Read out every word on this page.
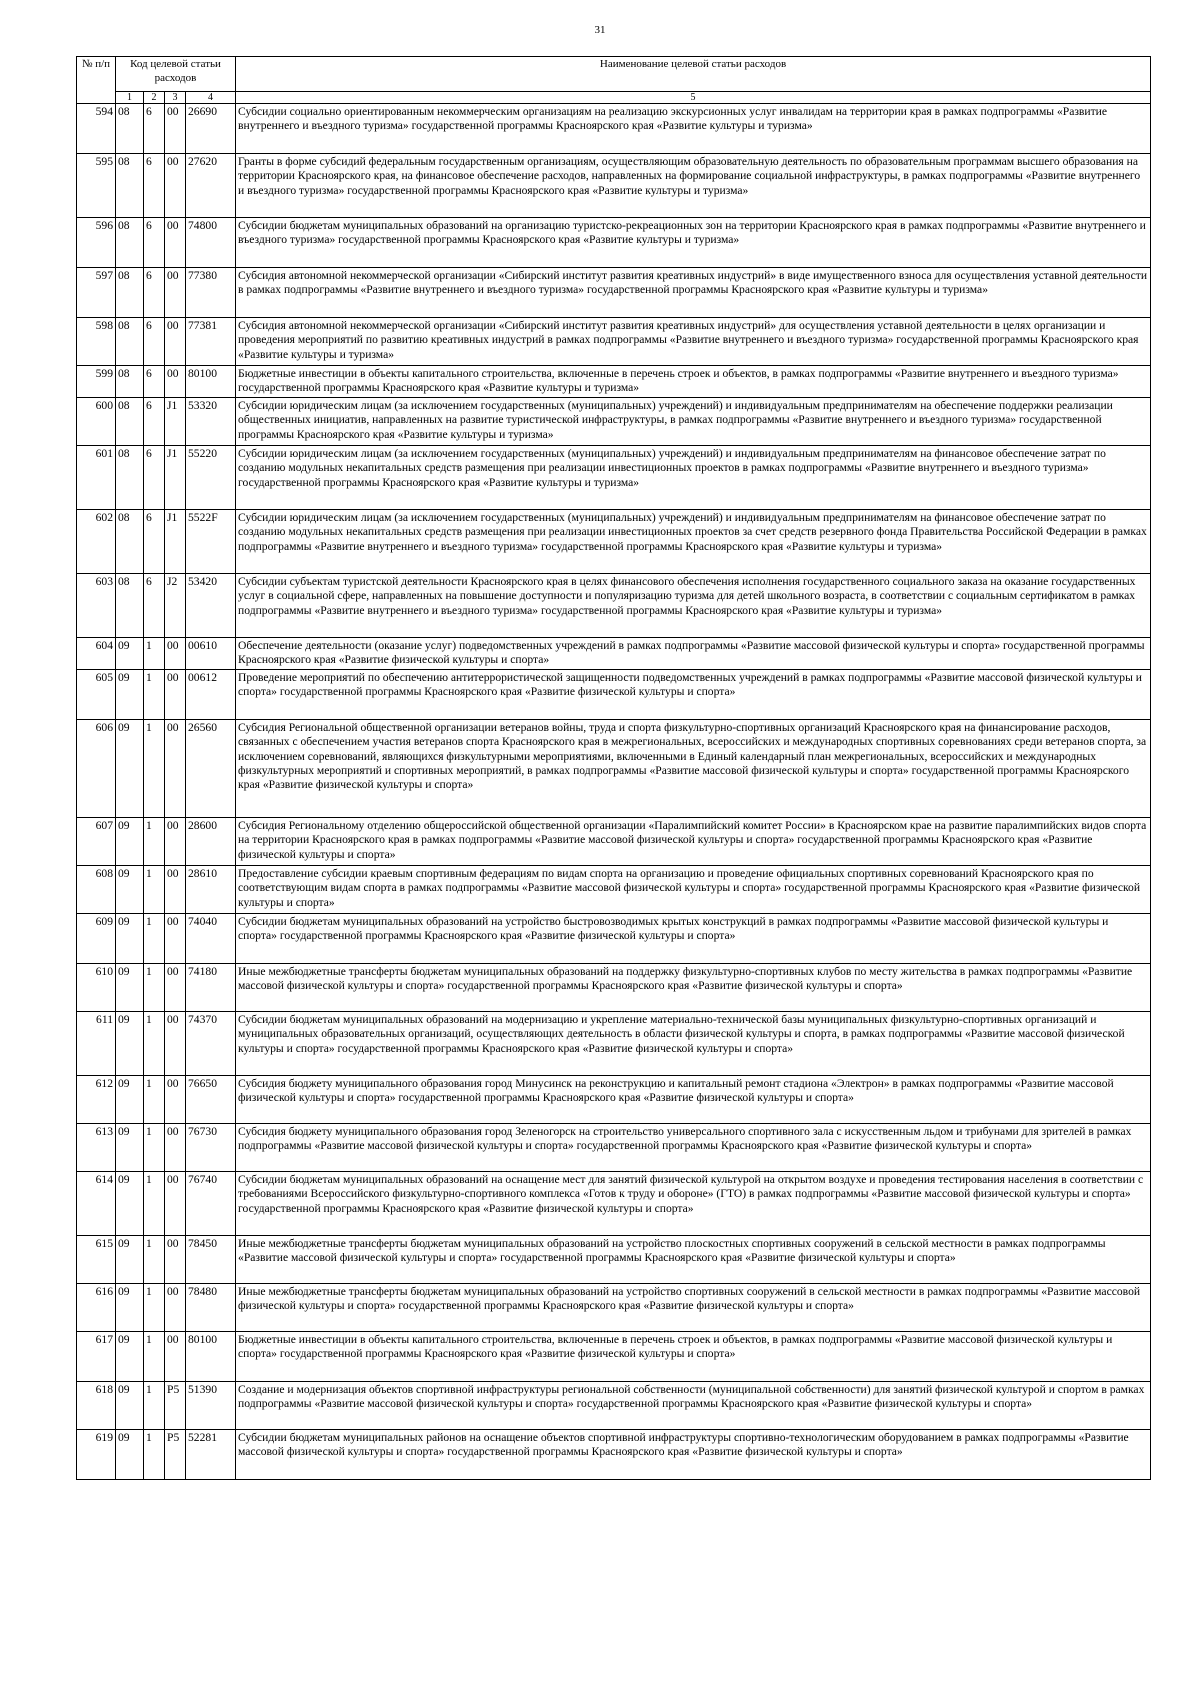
31
№ п/п	Код целевой статьи расходов				Наименование целевой статьи расходов
	1	2	3	4	5
594	08	6	00	26690	Субсидии социально ориентированным некоммерческим организациям на реализацию экскурсионных услуг инвалидам на территории края в рамках подпрограммы «Развитие внутреннего и въездного туризма» государственной программы Красноярского края «Развитие культуры и туризма»
595	08	6	00	27620	Гранты в форме субсидий федеральным государственным организациям, осуществляющим образовательную деятельность по образовательным программам высшего образования на территории Красноярского края, на финансовое обеспечение расходов, направленных на формирование социальной инфраструктуры, в рамках подпрограммы «Развитие внутреннего и въездного туризма» государственной программы Красноярского края «Развитие культуры и туризма»
596	08	6	00	74800	Субсидии бюджетам муниципальных образований на организацию туристско-рекреационных зон на территории Красноярского края в рамках подпрограммы «Развитие внутреннего и въездного туризма» государственной программы Красноярского края «Развитие культуры и туризма»
597	08	6	00	77380	Субсидия автономной некоммерческой организации «Сибирский институт развития креативных индустрий» в виде имущественного взноса для осуществления уставной деятельности в рамках подпрограммы «Развитие внутреннего и въездного туризма» государственной программы Красноярского края «Развитие культуры и туризма»
598	08	6	00	77381	Субсидия автономной некоммерческой организации «Сибирский институт развития креативных индустрий» для осуществления уставной деятельности в целях организации и проведения мероприятий по развитию креативных индустрий в рамках подпрограммы «Развитие внутреннего и въездного туризма» государственной программы Красноярского края «Развитие культуры и туризма»
599	08	6	00	80100	Бюджетные инвестиции в объекты капитального строительства, включенные в перечень строек и объектов, в рамках подпрограммы «Развитие внутреннего и въездного туризма» государственной программы Красноярского края «Развитие культуры и туризма»
600	08	6	J1	53320	Субсидии юридическим лицам (за исключением государственных (муниципальных) учреждений) и индивидуальным предпринимателям на обеспечение поддержки реализации общественных инициатив, направленных на развитие туристической инфраструктуры, в рамках подпрограммы «Развитие внутреннего и въездного туризма» государственной программы Красноярского края «Развитие культуры и туризма»
601	08	6	J1	55220	Субсидии юридическим лицам (за исключением государственных (муниципальных) учреждений) и индивидуальным предпринимателям на финансовое обеспечение затрат по созданию модульных некапитальных средств размещения при реализации инвестиционных проектов в рамках подпрограммы «Развитие внутреннего и въездного туризма» государственной программы Красноярского края «Развитие культуры и туризма»
602	08	6	J1	5522F	Субсидии юридическим лицам (за исключением государственных (муниципальных) учреждений) и индивидуальным предпринимателям на финансовое обеспечение затрат по созданию модульных некапитальных средств размещения при реализации инвестиционных проектов за счет средств резервного фонда Правительства Российской Федерации в рамках подпрограммы «Развитие внутреннего и въездного туризма» государственной программы Красноярского края «Развитие культуры и туризма»
603	08	6	J2	53420	Субсидии субъектам туристской деятельности Красноярского края в целях финансового обеспечения исполнения государственного социального заказа на оказание государственных услуг в социальной сфере, направленных на повышение доступности и популяризацию туризма для детей школьного возраста, в соответствии с социальным сертификатом в рамках подпрограммы «Развитие внутреннего и въездного туризма» государственной программы Красноярского края «Развитие культуры и туризма»
604	09	1	00	00610	Обеспечение деятельности (оказание услуг) подведомственных учреждений в рамках подпрограммы «Развитие массовой физической культуры и спорта» государственной программы Красноярского края «Развитие физической культуры и спорта»
605	09	1	00	00612	Проведение мероприятий по обеспечению антитеррористической защищенности подведомственных учреждений в рамках подпрограммы «Развитие массовой физической культуры и спорта» государственной программы Красноярского края «Развитие физической культуры и спорта»
606	09	1	00	26560	Субсидия Региональной общественной организации ветеранов войны, труда и спорта физкультурно-спортивных организаций Красноярского края на финансирование расходов, связанных с обеспечением участия ветеранов спорта Красноярского края в межрегиональных, всероссийских и международных спортивных соревнованиях среди ветеранов спорта, за исключением соревнований, являющихся физкультурными мероприятиями, включенными в Единый календарный план межрегиональных, всероссийских и международных физкультурных мероприятий и спортивных мероприятий, в рамках подпрограммы «Развитие массовой физической культуры и спорта» государственной программы Красноярского края «Развитие физической культуры и спорта»
607	09	1	00	28600	Субсидия Региональному отделению общероссийской общественной организации «Паралимпийский комитет России» в Красноярском крае на развитие паралимпийских видов спорта на территории Красноярского края в рамках подпрограммы «Развитие массовой физической культуры и спорта» государственной программы Красноярского края «Развитие физической культуры и спорта»
608	09	1	00	28610	Предоставление субсидии краевым спортивным федерациям по видам спорта на организацию и проведение официальных спортивных соревнований Красноярского края по соответствующим видам спорта в рамках подпрограммы «Развитие массовой физической культуры и спорта» государственной программы Красноярского края «Развитие физической культуры и спорта»
609	09	1	00	74040	Субсидии бюджетам муниципальных образований на устройство быстровозводимых крытых конструкций в рамках подпрограммы «Развитие массовой физической культуры и спорта» государственной программы Красноярского края «Развитие физической культуры и спорта»
610	09	1	00	74180	Иные межбюджетные трансферты бюджетам муниципальных образований на поддержку физкультурно-спортивных клубов по месту жительства в рамках подпрограммы «Развитие массовой физической культуры и спорта» государственной программы Красноярского края «Развитие физической культуры и спорта»
611	09	1	00	74370	Субсидии бюджетам муниципальных образований на модернизацию и укрепление материально-технической базы муниципальных физкультурно-спортивных организаций и муниципальных образовательных организаций, осуществляющих деятельность в области физической культуры и спорта, в рамках подпрограммы «Развитие массовой физической культуры и спорта» государственной программы Красноярского края «Развитие физической культуры и спорта»
612	09	1	00	76650	Субсидия бюджету муниципального образования город Минусинск на реконструкцию и капитальный ремонт стадиона «Электрон» в рамках подпрограммы «Развитие массовой физической культуры и спорта» государственной программы Красноярского края «Развитие физической культуры и спорта»
613	09	1	00	76730	Субсидия бюджету муниципального образования город Зеленогорск на строительство универсального спортивного зала с искусственным льдом и трибунами для зрителей в рамках подпрограммы «Развитие массовой физической культуры и спорта» государственной программы Красноярского края «Развитие физической культуры и спорта»
614	09	1	00	76740	Субсидии бюджетам муниципальных образований на оснащение мест для занятий физической культурой на открытом воздухе и проведения тестирования населения в соответствии с требованиями Всероссийского физкультурно-спортивного комплекса «Готов к труду и обороне» (ГТО) в рамках подпрограммы «Развитие массовой физической культуры и спорта» государственной программы Красноярского края «Развитие физической культуры и спорта»
615	09	1	00	78450	Иные межбюджетные трансферты бюджетам муниципальных образований на устройство плоскостных спортивных сооружений в сельской местности в рамках подпрограммы «Развитие массовой физической культуры и спорта» государственной программы Красноярского края «Развитие физической культуры и спорта»
616	09	1	00	78480	Иные межбюджетные трансферты бюджетам муниципальных образований на устройство спортивных сооружений в сельской местности в рамках подпрограммы «Развитие массовой физической культуры и спорта» государственной программы Красноярского края «Развитие физической культуры и спорта»
617	09	1	00	80100	Бюджетные инвестиции в объекты капитального строительства, включенные в перечень строек и объектов, в рамках подпрограммы «Развитие массовой физической культуры и спорта» государственной программы Красноярского края «Развитие физической культуры и спорта»
618	09	1	P5	51390	Создание и модернизация объектов спортивной инфраструктуры региональной собственности (муниципальной собственности) для занятий физической культурой и спортом в рамках подпрограммы «Развитие массовой физической культуры и спорта» государственной программы Красноярского края «Развитие физической культуры и спорта»
619	09	1	P5	52281	Субсидии бюджетам муниципальных районов на оснащение объектов спортивной инфраструктуры спортивно-технологическим оборудованием в рамках подпрограммы «Развитие массовой физической культуры и спорта» государственной программы Красноярского края «Развитие физической культуры и спорта»
